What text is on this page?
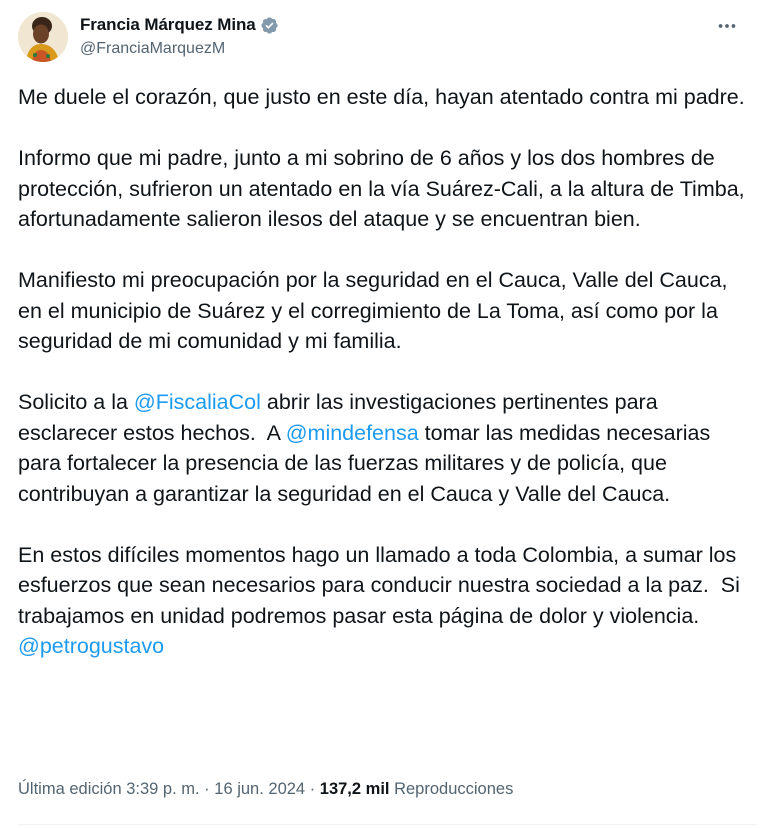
Francia Márquez Mina
@FranciaMarquezM

Me duele el corazón, que justo en este día, hayan atentado contra mi padre.

Informo que mi padre, junto a mi sobrino de 6 años y los dos hombres de protección, sufrieron un atentado en la vía Suárez-Cali, a la altura de Timba, afortunadamente salieron ilesos del ataque y se encuentran bien.

Manifiesto mi preocupación por la seguridad en el Cauca, Valle del Cauca, en el municipio de Suárez y el corregimiento de La Toma, así como por la seguridad de mi comunidad y mi familia.

Solicito a la @FiscaliaCol abrir las investigaciones pertinentes para esclarecer estos hechos.  A @mindefensa tomar las medidas necesarias para fortalecer la presencia de las fuerzas militares y de policía, que contribuyan a garantizar la seguridad en el Cauca y Valle del Cauca.

En estos difíciles momentos hago un llamado a toda Colombia, a sumar los esfuerzos que sean necesarios para conducir nuestra sociedad a la paz.  Si trabajamos en unidad podremos pasar esta página de dolor y violencia.
@petrogustavo

Última edición 3:39 p. m. · 16 jun. 2024 · 137,2 mil Reproducciones
